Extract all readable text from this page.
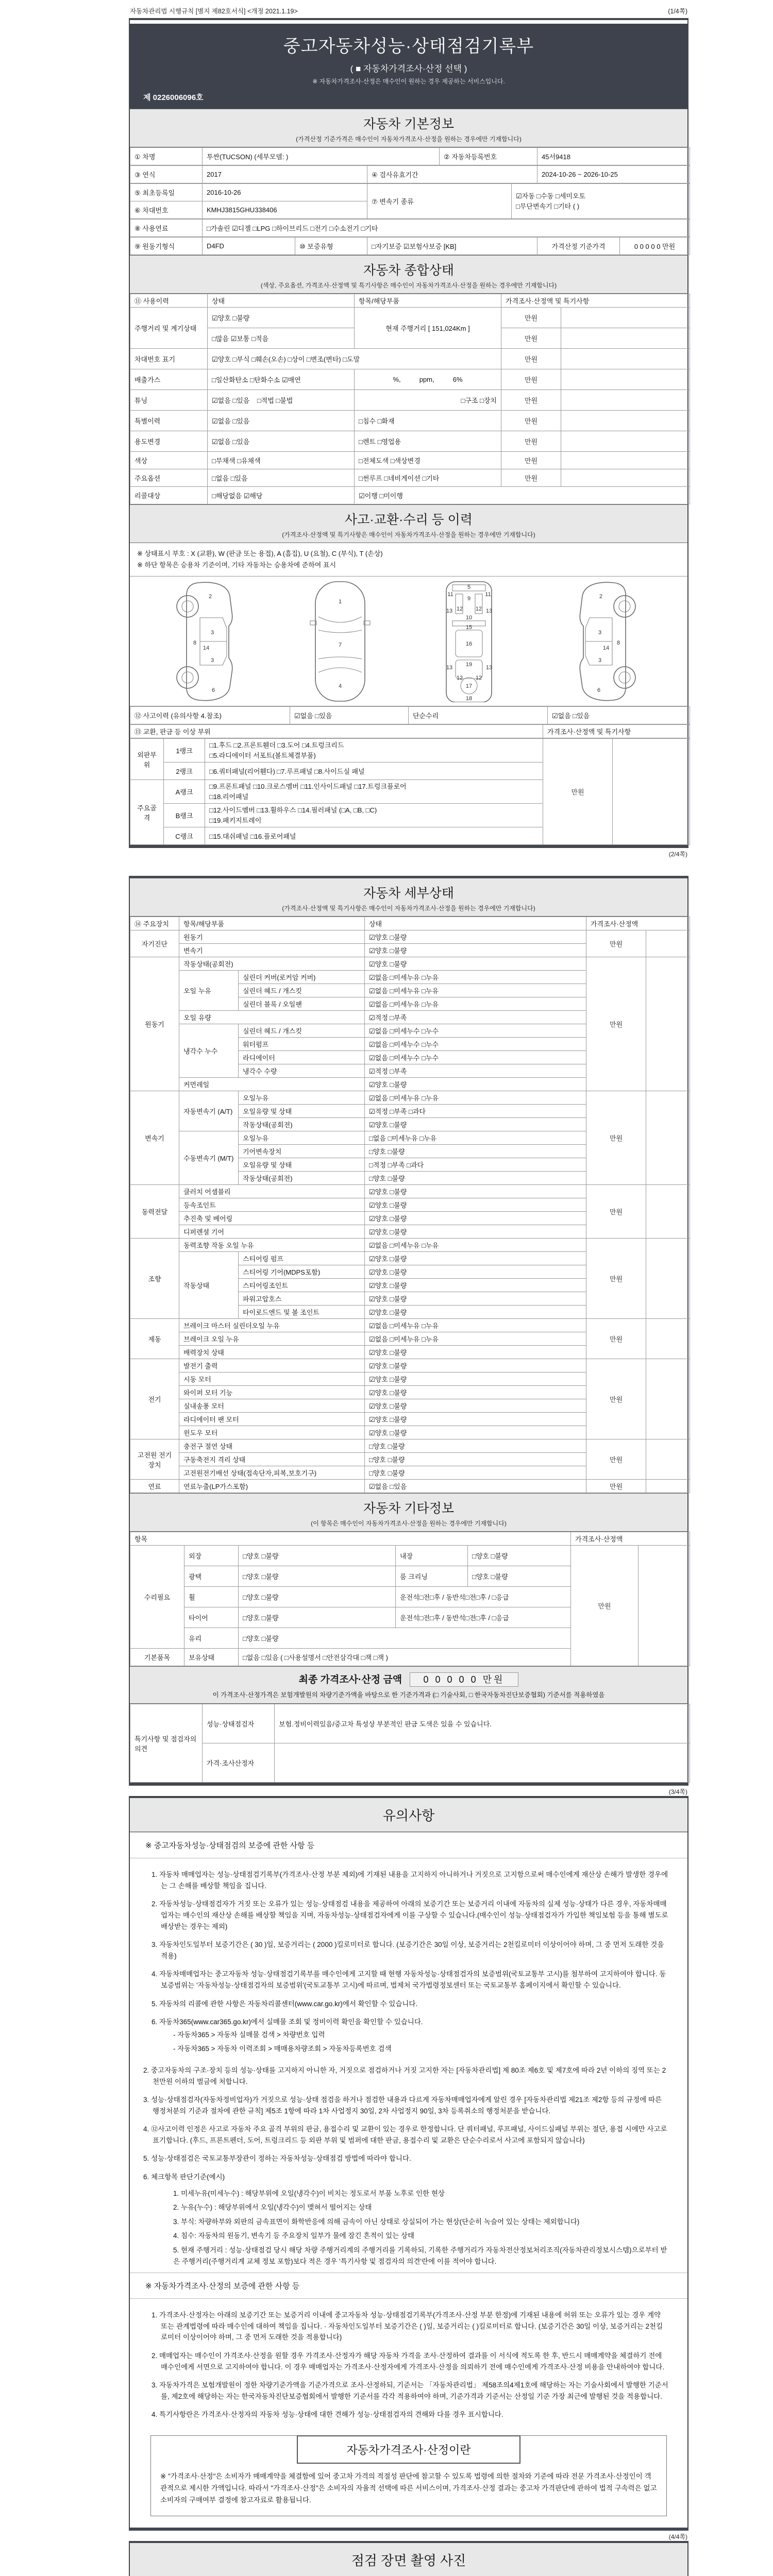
자동차관리법 시행규칙 [별지 제82호서식] <개정 2021.1.19>	(1/4쪽)
중고자동차성능·상태점검기록부
( ■ 자동차가격조사·산정 선택 )
※ 자동차가격조사·산정은 매수인이 원하는 경우 제공하는 서비스입니다.
제 0226006096호
자동차 기본정보
(가격산정 기준가격은 매수인이 자동차가격조사·산정을 원하는 경우에만 기재합니다)
① 차명	투싼(TUCSON) (세부모델: )	② 자동차등록번호	45서9418
③ 연식	2017	④ 검사유효기간	2024-10-26 ~ 2026-10-25
⑤ 최초등록일	2016-10-26	⑦ 변속기 종류	☑자동 □수동 □세미오토
□무단변속기 □기타 ( )

⑥ 차대번호	KMHJ3815GHU338406		
⑧ 사용연료	□가솔린 ☑디젤 □LPG □하이브리드 □전기 □수소전기 □기타
⑨ 원동기형식	D4FD	⑩ 보증유형	□자기보증 ☑보험사보증 [KB]	가격산정 기준가격	0 0 0 0 0 만원
자동차 종합상태
(색상, 주요옵션, 가격조사·산정액 및 특기사항은 매수인이 자동차가격조사·산정을 원하는 경우에만 기재합니다)
⑪ 사용이력	상태	항목/해당부품	가격조사·산정액 및 특기사항	
주행거리 및 계기상태	☑양호 □불량	현재 주행거리 [ 151,024Km ]	만원	
	□많음 ☑보통 □적음		만원	
차대번호 표기	☑양호 □부식 □훼손(오손) □상이 □변조(변타) □도말		만원	
배출가스	□일산화탄소 □탄화수소 ☑매연	%,          ppm,          6%	만원	
튜닝	☑없음 □있음 □적법 □불법	□구조 □장치	만원	
특별이력	☑없음 □있음	□침수 □화재	만원	
용도변경	☑없음 □있음	□렌트 □영업용	만원	
색상	□무채색 □유채색	□전체도색 □색상변경	만원	
주요옵션	□없음 □있음	□썬루프 □네비게이션 □기타	만원	
리콜대상	□해당없음 ☑해당	☑이행 □미이행		
사고·교환·수리 등 이력
(가격조사·산정액 및 특기사항은 매수인이 자동차가격조사·산정을 원하는 경우에만 기재합니다)
※ 상태표시 부호 : X (교환), W (판금 또는 용접), A (흠집), U (요철), C (부식), T (손상)
※ 하단 항목은 승용차 기준이며, 기타 자동차는 승용차에 준하여 표시
2
8
3
14
3
6
1
7
4
5
9
11	11
13	13
12 12
10
15
16
13	13
12 12
19
17
18
2
3
8
14
3
6
⑫ 사고이력 (유의사항 4.참조)	☑없음 □있음	단순수리	☑없음 □있음
⑬ 교환, 판금 등 이상 부위	가격조사·산정액 및 특기사항
외판부위	1랭크	□1.후드 □2.프론트휀더 □3.도어 □4.트렁크리드
□5.라디에이터 서포트(볼트체결부품)	만원	
	2랭크	□6.쿼터패널(리어휀다) □7.루프패널 □8.사이드실 패널		
주요골격	A랭크	□9.프론트패널 □10.크로스멤버 □11.인사이드패널 □17.트렁크플로어
□18.리어패널		

	B랭크	□12.사이드멤버 □13.휠하우스 □14.필러패널 (□A, □B, □C)
□19.패키지트레이		

	C랭크	□15.대쉬패널 □16.플로어패널		
(2/4쪽)
자동차 세부상태
(가격조사·산정액 및 특기사항은 매수인이 자동차가격조사·산정을 원하는 경우에만 기재합니다)
⑭ 주요장치	항목/해당부품		상태	가격조사·산정액	
자기진단	원동기		☑양호 □불량	만원	
	변속기		☑양호 □불량		
원동기	작동상태(공회전)		☑양호 □불량	만원	
	오일 누유	실린더 커버(로커암 커버)	☑없음 □미세누유 □누유		
		실린더 헤드 / 개스킷	☑없음 □미세누유 □누유		
		실린더 블록 / 오일팬	☑없음 □미세누유 □누유		
	오일 유량		☑적정 □부족		
	냉각수 누수	실린더 헤드 / 개스킷	☑없음 □미세누수 □누수		
		워터펌프	☑없음 □미세누수 □누수		
		라디에이터	☑없음 □미세누수 □누수		
		냉각수 수량	☑적정 □부족		
	커먼레일		☑양호 □불량		
변속기	자동변속기 (A/T)	오일누유	☑없음 □미세누유 □누유	만원	
		오일유량 및 상태	☑적정 □부족 □과다		
		작동상태(공회전)	☑양호 □불량		
	수동변속기 (M/T)	오일누유	□없음 □미세누유 □누유		
		기어변속장치	□양호 □불량		
		오일유량 및 상태	□적정 □부족 □과다		
		작동상태(공회전)	□양호 □불량		
동력전달	클러치 어셈블리		☑양호 □불량	만원	
	등속조인트		☑양호 □불량		
	추진축 및 베어링		☑양호 □불량		
	디퍼렌셜 기어		☑양호 □불량		
조향	동력조향 작동 오일 누유		☑없음 □미세누유 □누유	만원	
	작동상태	스티어링 펌프	☑양호 □불량		
		스티어링 기어(MDPS포함)	☑양호 □불량		
		스티어링조인트	☑양호 □불량		
		파워고압호스	☑양호 □불량		
		타이로드엔드 및 볼 조인트	☑양호 □불량		
제동	브레이크 마스터 실린더오일 누유		☑없음 □미세누유 □누유	만원	
	브레이크 오일 누유		☑없음 □미세누유 □누유		
	배력장치 상태		☑양호 □불량		
전기	발전기 출력		☑양호 □불량	만원	
	시동 모터		☑양호 □불량		
	와이퍼 모터 기능		☑양호 □불량		
	실내송풍 모터		☑양호 □불량		
	라디에이터 팬 모터		☑양호 □불량		
	윈도우 모터		☑양호 □불량		
고전원 전기장치	충전구 절연 상태		□양호 □불량	만원	
	구동축전지 격리 상태		□양호 □불량		
	고전원전기배선 상태(접속단자,피복,보호기구)		□양호 □불량		
연료	연료누출(LP가스포함)		☑없음 □있음	만원	
자동차 기타정보
(이 항목은 매수인이 자동차가격조사·산정을 원하는 경우에만 기재합니다)
항목					가격조사·산정액	
수리필요	외장	□양호 □불량	내장	□양호 □불량	만원	
	광택	□양호 □불량	룸 크리닝	□양호 □불량		
	휠	□양호 □불량	운전석□전□후 / 동반석□전□후 / □응급			
	타이어	□양호 □불량	운전석□전□후 / 동반석□전□후 / □응급			
	유리	□양호 □불량				
기본품목	보유상태	□없음 □있음 ( □사용설명서 □안전삼각대 □잭 □잭 )				
최종 가격조사·산정 금액 0 0 0 0 0 만원
이 가격조사·산정가격은 보험개발원의 차량기준가액을 바탕으로 한 기준가격과 (□ 기술사회, □ 한국자동차진단보증협회) 기준서를 적용하였음
특기사항 및 점검자의 의견	성능·상태점검자	보험.정비이력있음/중고차 특성상 부분적인 판금 도색은 있을 수 있습니다.
	가격·조사산정자	
(3/4쪽)
유의사항
※ 중고자동차성능·상태점검의 보증에 관한 사항 등

1. 자동차 매매업자는 성능·상태점검기록부(가격조사·산정 부분 제외)에 기재된 내용을 고지하지 아니하거나 거짓으로 고지함으로써 매수인에게 재산상 손해가 발생한 경우에는 그 손해를 배상할 책임을 집니다.

2. 자동차성능·상태점검자가 거짓 또는 오류가 있는 성능·상태점검 내용을 제공하여 아래의 보증기간 또는 보증거리 이내에 자동차의 실제 성능·상태가 다른 경우, 자동차매매업자는 매수인의 재산상 손해를 배상할 책임을 지며, 자동차성능·상태점검자에게 이를 구상할 수 있습니다.(매수인이 성능·상태점검자가 가입한 책임보험 등을 통해 별도로 배상받는 경우는 제외)

3. 자동차인도일부터 보증기간은 ( 30 )일, 보증거리는 ( 2000 )킬로미터로 합니다. (보증기간은 30일 이상, 보증거리는 2천킬로미터 이상이어야 하며, 그 중 먼저 도래한 것을 적용)

4. 자동차매매업자는 중고자동차 성능·상태점검기록부를 매수인에게 고지할 때 현행 자동차성능·상태점검자의 보증범위(국토교통부 고시)를 첨부하여 고지하여야 합니다. 동 보증범위는 '자동차성능·상태점검자의 보증범위'(국토교통부 고시)에 따르며, 법제처 국가법령정보센터 또는 국토교통부 홈페이지에서 확인할 수 있습니다.

5. 자동차의 리콜에 관한 사항은 자동차리콜센터(www.car.go.kr)에서 확인할 수 있습니다.

6. 자동차365(www.car365.go.kr)에서 실매물 조회 및 정비이력 확인을 확인할 수 있습니다.

- 자동차365 > 자동차 실매물 검색 > 차량번호 입력

- 자동차365 > 자동차 이력조회 > 매매용차량조회 > 자동차등록번호 검색

2. 중고자동차의 구조·장치 등의 성능·상태를 고지하지 아니한 자, 거짓으로 점검하거나 거짓 고지한 자는 [자동차관리법] 제 80조 제6호 및 제7호에 따라 2년 이하의 징역 또는 2천만원 이하의 벌금에 처합니다.

3. 성능·상태점검자(자동차정비업자)가 거짓으로 성능·상태 점검을 하거나 점검한 내용과 다르게 자동차매매업자에게 알린 경우 [자동차관리법 제21조 제2항 등의 규정에 따른 행정처분의 기준과 절차에 관한 규칙] 제5조 1항에 따라 1차 사업정지 30일, 2차 사업정지 90일, 3차 등록취소의 행정처분을 받습니다.

4. ⑫사고이력 인정은 사고로 자동차 주요 골격 부위의 판금, 용접수리 및 교환이 있는 경우로 한정합니다. 단 쿼터패널, 루프패널, 사이드실패널 부위는 절단, 용접 시에만 사고로 표기합니다. (후드, 프론트펜더, 도어, 트렁크리드 등 외판 부위 및 범퍼에 대한 판금, 용접수리 및 교환은 단순수리로서 사고에 포함되지 않습니다)

5. 성능·상태점검은 국토교통부장관이 정하는 자동차성능·상태점검 방법에 따라야 합니다.

6. 체크항목 판단기준(예시)

1. 미세누유(미세누수) : 해당부위에 오일(냉각수)이 비치는 정도로서 부품 노후로 인한 현상

2. 누유(누수) : 해당부위에서 오일(냉각수)이 맺혀서 떨어지는 상태

3. 부식: 차량하부와 외판의 금속표면이 화학반응에 의해 금속이 아닌 상태로 상실되어 가는 현상(단순히 녹슬어 있는 상태는 제외합니다)

4. 침수: 자동차의 원동기, 변속기 등 주요장치 일부가 물에 잠긴 흔적이 있는 상태

5. 현재 주행거리 : 성능·상태점검 당시 해당 차량 주행거리계의 주행거리를 기록하되, 기록한 주행거리가 자동차전산정보처리조직(자동차관리정보시스템)으로부터 받은 주행거리(주행거리계 교체 정보 포함)보다 적은 경우 '특기사항 및 점검자의 의견'란에 이를 적어야 합니다.

※ 자동차가격조사·산정의 보증에 관한 사항 등

1. 가격조사·산정자는 아래의 보증기간 또는 보증거리 이내에 중고자동차 성능·상태점검기록부(가격조사·산정 부분 한정)에 기재된 내용에 허위 또는 오류가 있는 경우 계약 또는 관계법령에 따라 매수인에 대하여 책임을 집니다. · 자동차인도일부터 보증기간은 ( )일, 보증거리는 ( )킬로미터로 합니다. (보증기간은 30일 이상, 보증거리는 2천킬로미터 이상이어야 하며, 그 중 먼저 도래한 것을 적용합니다)

2. 매매업자는 매수인이 가격조사·산정을 원할 경우 가격조사·산정자가 해당 자동차 가격을 조사·산정하여 결과를 이 서식에 적도록 한 후, 반드시 매매계약을 체결하기 전에 매수인에게 서면으로 고지하여야 합니다. 이 경우 매매업자는 가격조사·산정자에게 가격조사·산정을 의뢰하기 전에 매수인에게 가격조사·산정 비용을 안내하여야 합니다.

3. 자동차가격은 보험개발원이 정한 차량기준가액을 기준가격으로 조사·산정하되, 기준서는 「자동차관리법」 제58조의4제1호에 해당하는 자는 기술사회에서 발행한 기준서를, 제2호에 해당하는 자는 한국자동차진단보증협회에서 발행한 기준서를 각각 적용하여야 하며, 기준가격과 기준서는 산정일 기준 가장 최근에 발행된 것을 적용합니다.

4. 특기사항란은 가격조사·산정자의 자동차 성능·상태에 대한 견해가 성능·상태점검자의 견해와 다를 경우 표시합니다.

자동차가격조사·산정이란
※ "가격조사·산정"은 소비자가 매매계약을 체결함에 있어 중고차 가격의 적절성 판단에 참고할 수 있도록 법령에 의한 절차와 기준에 따라 전문 가격조사·산정인이 객관적으로 제시한 가액입니다. 따라서 "가격조사·산정"은 소비자의 자율적 선택에 따른 서비스이며, 가격조사·산정 결과는 중고차 가격판단에 관하여 법적 구속력은 없고 소비자의 구매여부 결정에 참고자료로 활용됩니다.
(4/4쪽)
점검 장면 촬영 사진
